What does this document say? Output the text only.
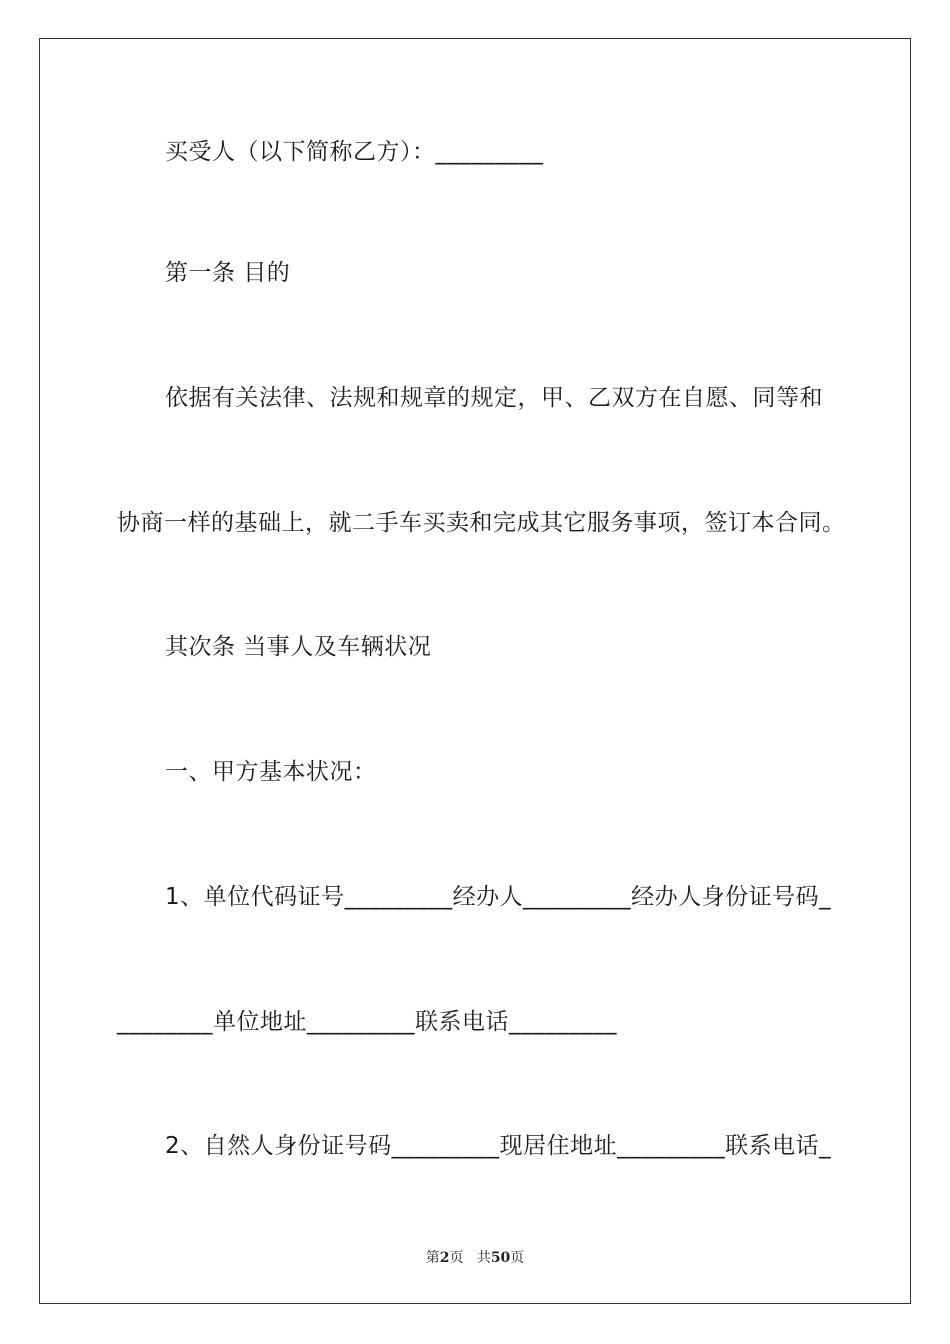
买受人（以下简称乙方）：_________
第一条 目的
依据有关法律、法规和规章的规定，甲、乙双方在自愿、同等和
协商一样的基础上，就二手车买卖和完成其它服务事项，签订本合同。
其次条 当事人及车辆状况
一、甲方基本状况：
1、单位代码证号_________经办人_________经办人身份证号码_
________单位地址_________联系电话_________
2、自然人身份证号码_________现居住地址_________联系电话_
第2页 共50页
